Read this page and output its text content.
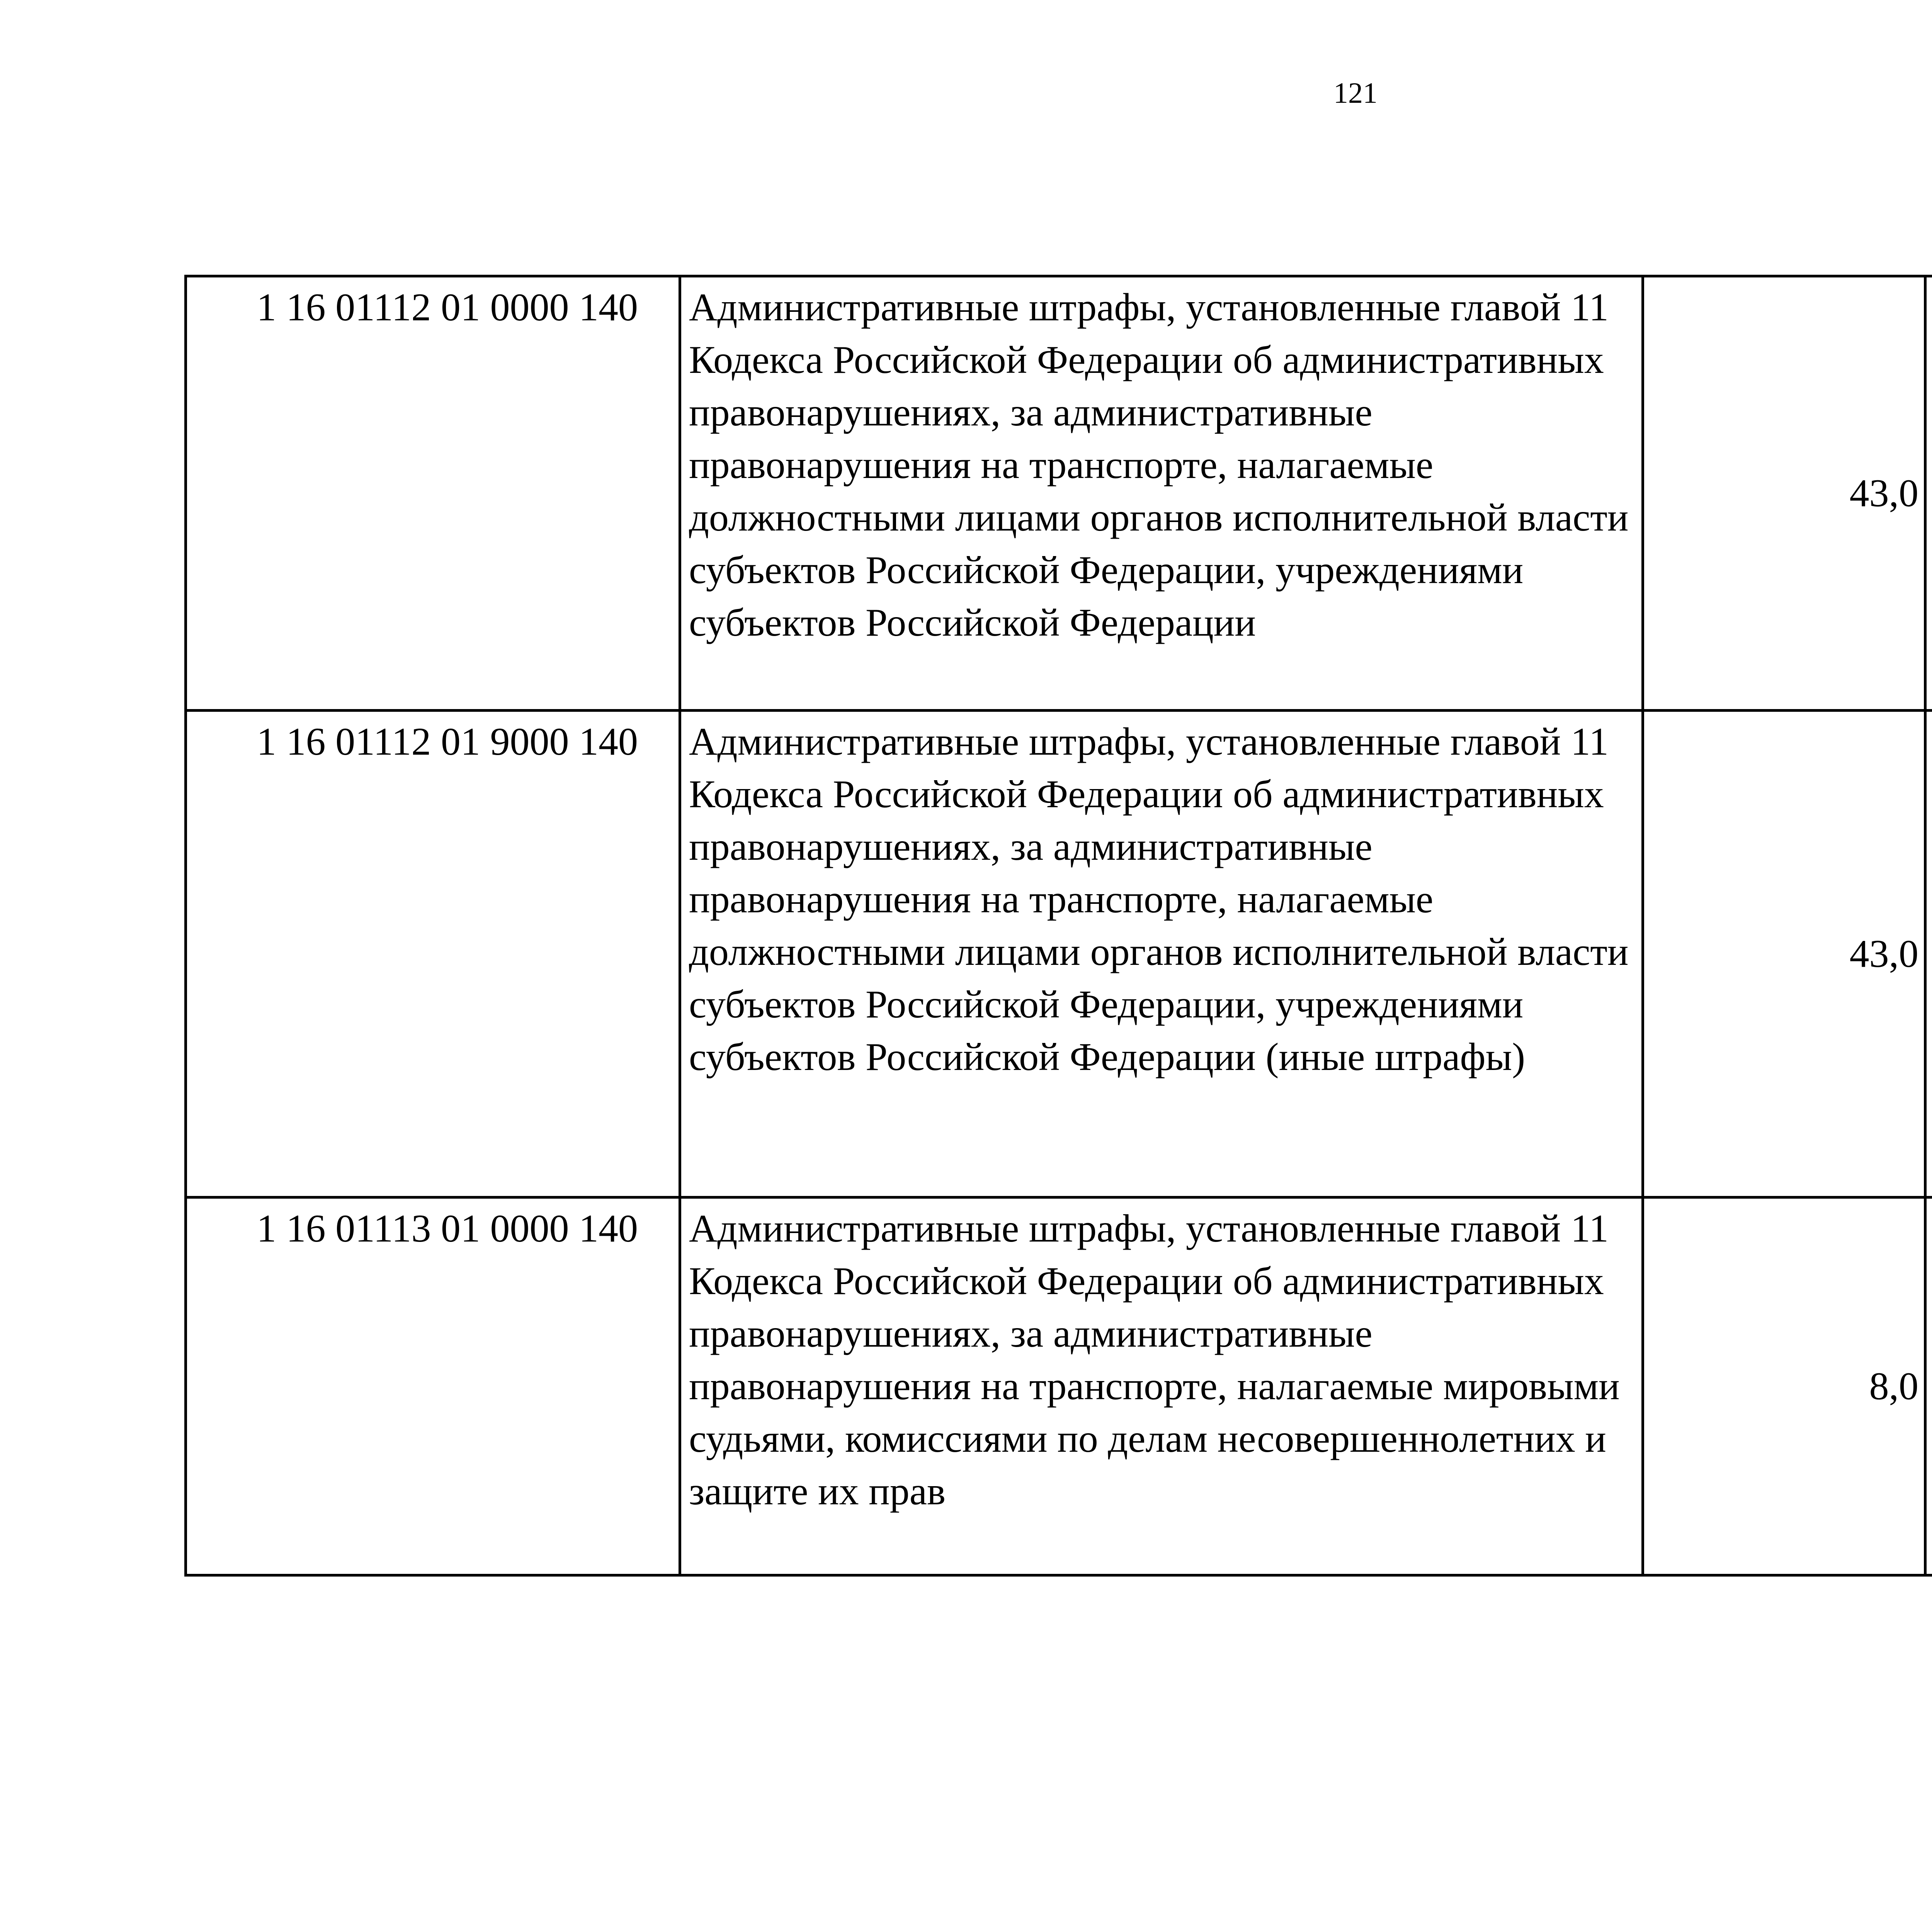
121
1 16 01112 01 0000 140	Административные штрафы, установленные главой 11 Кодекса Российской Федерации об административных правонарушениях, за административные правонарушения на транспорте, налагаемые должностными лицами органов исполнительной власти субъектов Российской Федерации, учреждениями субъектов Российской Федерации	43,0		
1 16 01112 01 9000 140	Административные штрафы, установленные главой 11 Кодекса Российской Федерации об административных правонарушениях, за административные правонарушения на транспорте, налагаемые должностными лицами органов исполнительной власти субъектов Российской Федерации, учреждениями субъектов Российской Федерации (иные штрафы)	43,0		
1 16 01113 01 0000 140	Административные штрафы, установленные главой 11 Кодекса Российской Федерации об административных правонарушениях, за административные правонарушения на транспорте, налагаемые мировыми судьями, комиссиями по делам несовершеннолетних и защите их прав	8,0		
